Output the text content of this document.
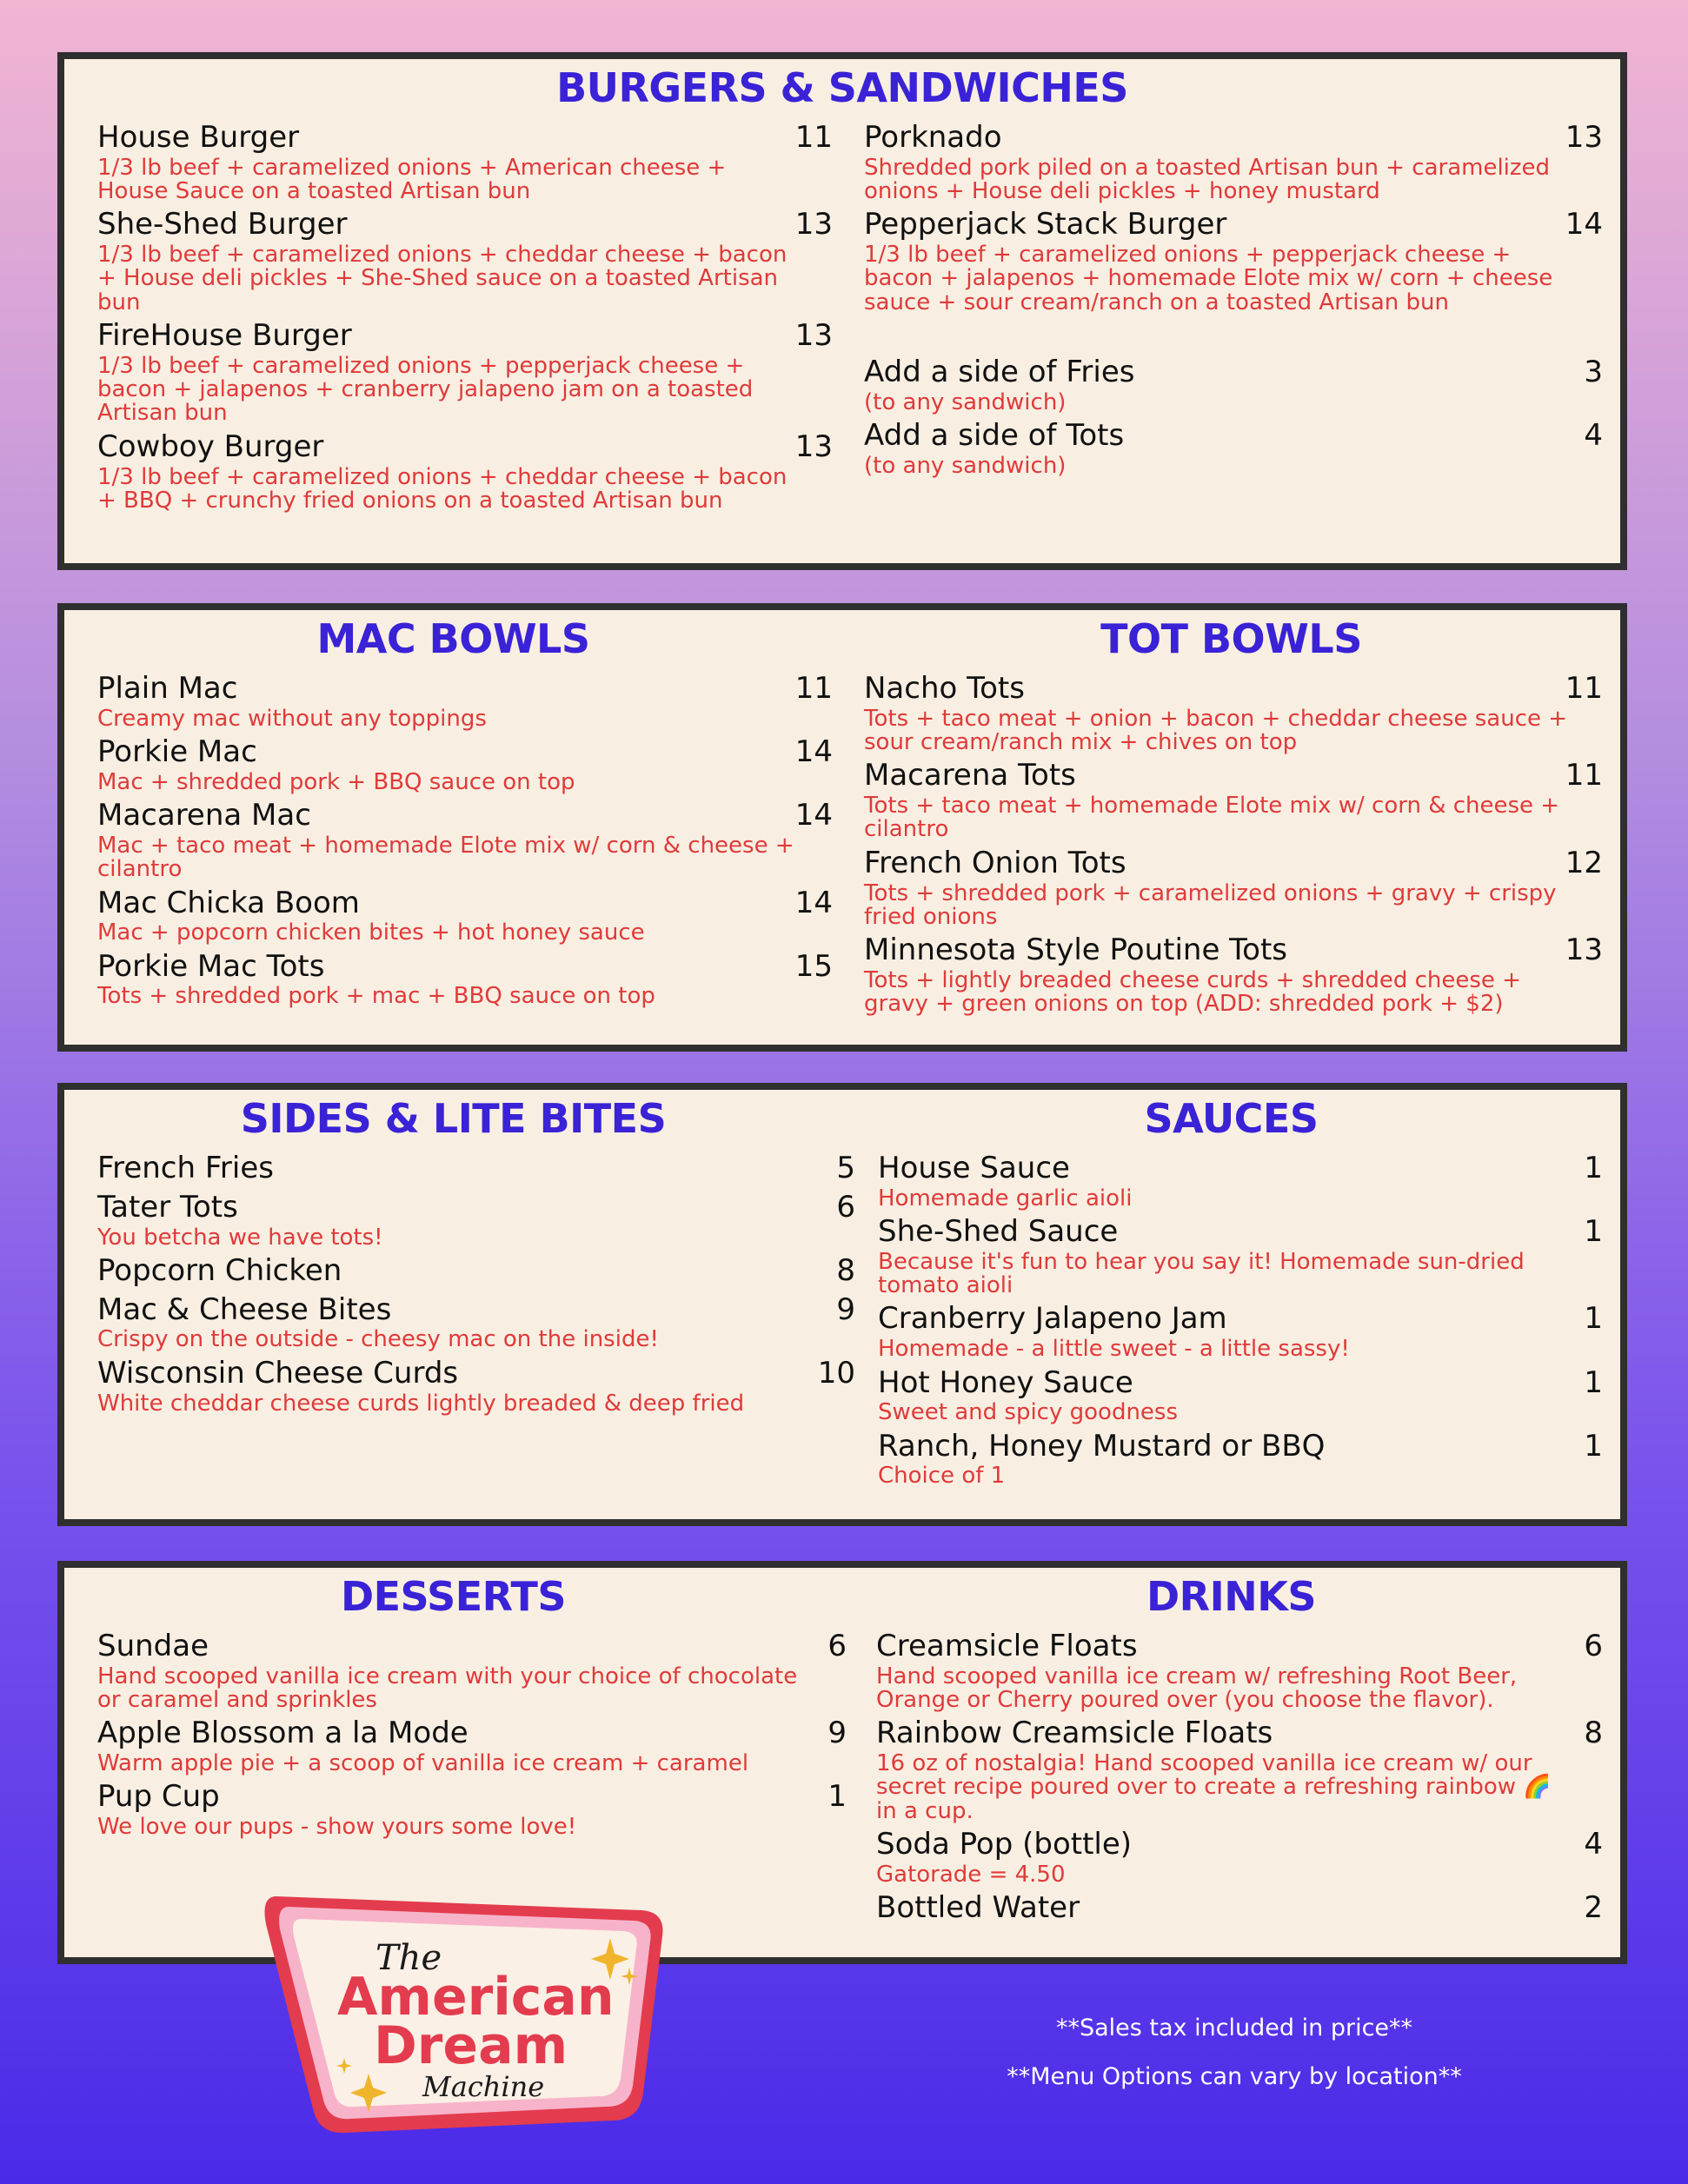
BURGERS & SANDWICHES
House Burger	11
1/3 lb beef + caramelized onions + American cheese + House Sauce on a toasted Artisan bun
She-Shed Burger	13
1/3 lb beef + caramelized onions + cheddar cheese + bacon + House deli pickles + She-Shed sauce on a toasted Artisan bun
FireHouse Burger	13
1/3 lb beef + caramelized onions + pepperjack cheese + bacon + jalapenos + cranberry jalapeno jam on a toasted Artisan bun
Cowboy Burger	13
1/3 lb beef + caramelized onions + cheddar cheese + bacon + BBQ + crunchy fried onions on a toasted Artisan bun
Porknado	13
Shredded pork piled on a toasted Artisan bun + caramelized onions + House deli pickles + honey mustard
Pepperjack Stack Burger	14
1/3 lb beef + caramelized onions + pepperjack cheese + bacon + jalapenos + homemade Elote mix w/ corn + cheese sauce + sour cream/ranch on a toasted Artisan bun
Add a side of Fries	3
(to any sandwich)
Add a side of Tots	4
(to any sandwich)
MAC BOWLS	TOT BOWLS
Plain Mac	11
Creamy mac without any toppings
Porkie Mac	14
Mac + shredded pork + BBQ sauce on top
Macarena Mac	14
Mac + taco meat + homemade Elote mix w/ corn & cheese + cilantro
Mac Chicka Boom	14
Mac + popcorn chicken bites + hot honey sauce
Porkie Mac Tots	15
Tots + shredded pork + mac + BBQ sauce on top
Nacho Tots	11
Tots + taco meat + onion + bacon + cheddar cheese sauce + sour cream/ranch mix + chives on top
Macarena Tots	11
Tots + taco meat + homemade Elote mix w/ corn & cheese + cilantro
French Onion Tots	12
Tots + shredded pork + caramelized onions + gravy + crispy fried onions
Minnesota Style Poutine Tots	13
Tots + lightly breaded cheese curds + shredded cheese + gravy + green onions on top (ADD: shredded pork + $2)
SIDES & LITE BITES	SAUCES
French Fries	5
Tater Tots	6
You betcha we have tots!
Popcorn Chicken	8
Mac & Cheese Bites	9
Crispy on the outside - cheesy mac on the inside!
Wisconsin Cheese Curds	10
White cheddar cheese curds lightly breaded & deep fried
House Sauce	1
Homemade garlic aioli
She-Shed Sauce	1
Because it's fun to hear you say it! Homemade sun-dried tomato aioli
Cranberry Jalapeno Jam	1
Homemade - a little sweet - a little sassy!
Hot Honey Sauce	1
Sweet and spicy goodness
Ranch, Honey Mustard or BBQ	1
Choice of 1
DESSERTS	DRINKS
Sundae	6
Hand scooped vanilla ice cream with your choice of chocolate or caramel and sprinkles
Apple Blossom a la Mode	9
Warm apple pie + a scoop of vanilla ice cream + caramel
Pup Cup	1
We love our pups - show yours some love!
Creamsicle Floats	6
Hand scooped vanilla ice cream w/ refreshing Root Beer, Orange or Cherry poured over (you choose the flavor).
Rainbow Creamsicle Floats	8
16 oz of nostalgia! Hand scooped vanilla ice cream w/ our secret recipe poured over to create a refreshing rainbow 🌈 in a cup.
Soda Pop (bottle)	4
Gatorade = 4.50
Bottled Water	2
The
American
Dream
Machine
**Sales tax included in price**
**Menu Options can vary by location**
